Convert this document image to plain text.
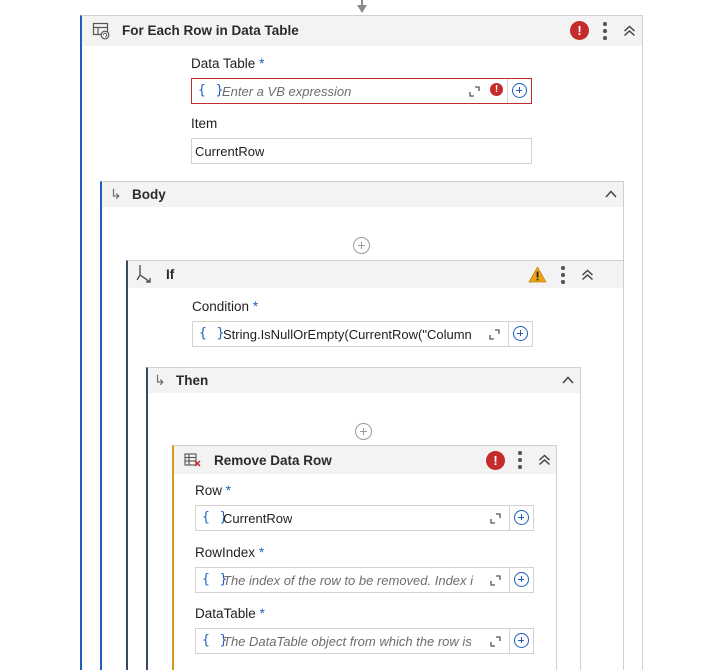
For Each Row in Data Table	!
Data Table *
{ }
Enter a VB expression	!
Item
CurrentRow
↳ Body
If
Condition *
{ }
String.IsNullOrEmpty(CurrentRow("Column
↳ Then
Remove Data Row	!
Row *
{ }
CurrentRow
RowIndex *
{ }
The index of the row to be removed. Index i
DataTable *
{ }
The DataTable object from which the row is
